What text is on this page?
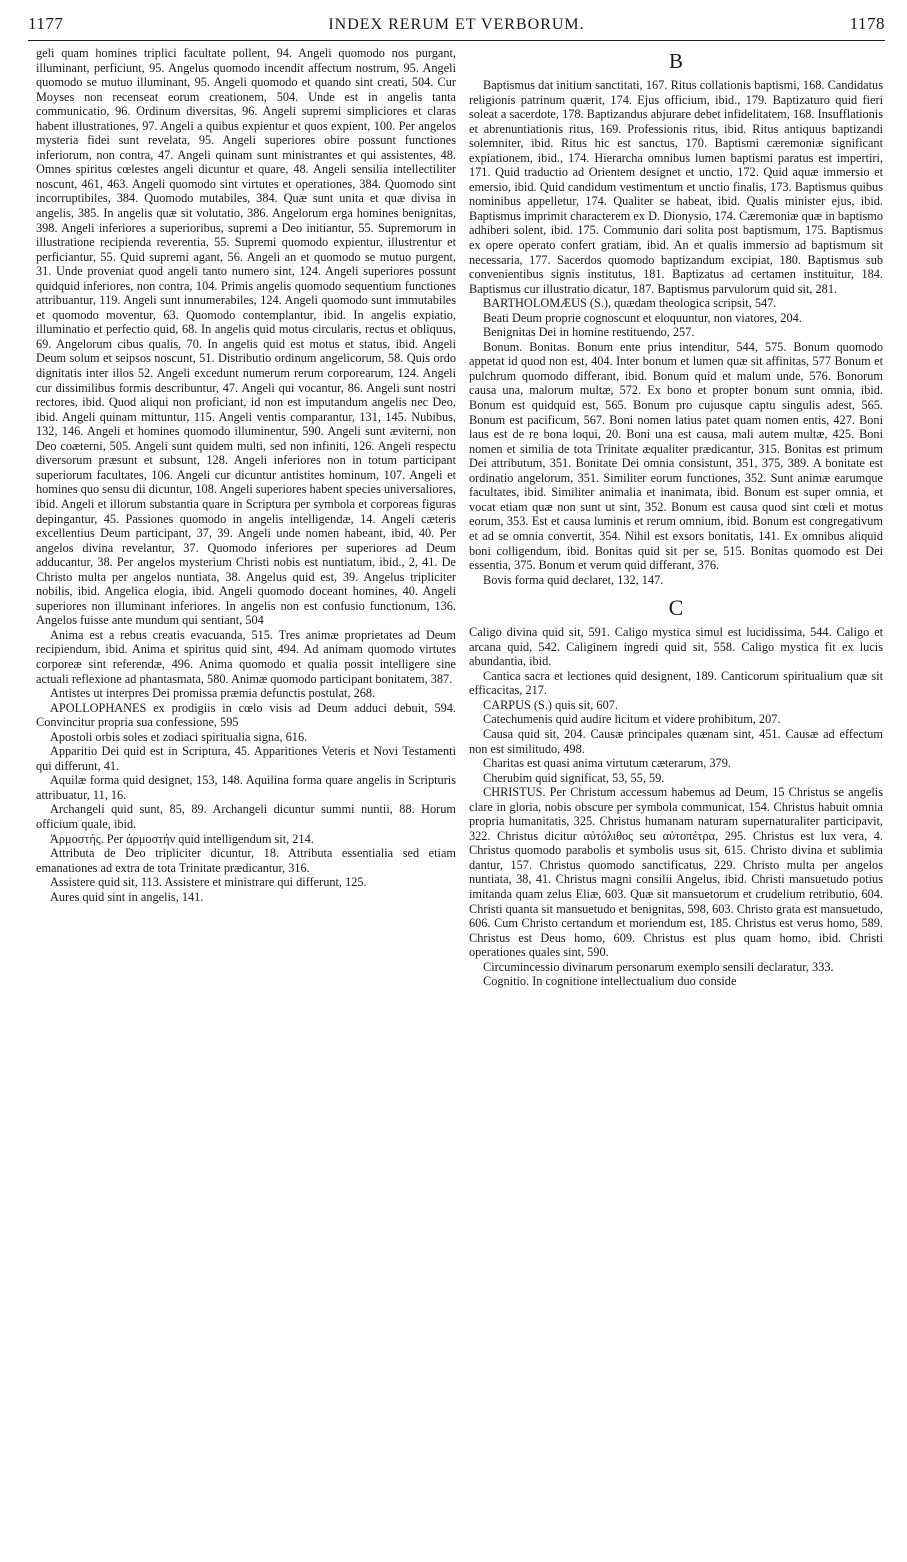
1177	INDEX RERUM ET VERBORUM.	1178

geli quam homines triplici facultate pollent, 94. Angeli quomodo nos purgant, illuminant, perficiunt, 95. Angelus quomodo incendit affectum nostrum, 95. Angeli quomodo se mutuo illuminant, 95. Angeli quomodo et quando sint creati, 504. Cur Moyses non recenseat eorum creationem, 504. Unde est in angelis tanta communicatio, 96. Ordinum diversitas, 96. Angeli supremi simpliciores et claras habent illustrationes, 97. Angeli a quibus expientur et quos expient, 100. Per angelos mysteria fidei sunt revelata, 95. Angeli superiores obire possunt functiones inferiorum, non contra, 47. Angeli quinam sunt ministrantes et qui assistentes, 48. Omnes spiritus cœlestes angeli dicuntur et quare, 48. Angeli sensilia intellectiliter noscunt, 461, 463. Angeli quomodo sint virtutes et operationes, 384. Quomodo sint incorruptibiles, 384. Quomodo mutabiles, 384. Quæ sunt unita et quæ divisa in angelis, 385. In angelis quæ sit volutatio, 386. Angelorum erga homines benignitas, 398. Angeli inferiores a superioribus, supremi a Deo initiantur, 55. Supremorum in illustratione recipienda reverentia, 55. Supremi quomodo expientur, illustrentur et perficiantur, 55. Quid supremi agant, 56. Angeli an et quomodo se mutuo purgent, 31. Unde proveniat quod angeli tanto numero sint, 124. Angeli superiores possunt quidquid inferiores, non contra, 104. Primis angelis quomodo sequentium functiones attribuantur, 119. Angeli sunt innumerabiles, 124. Angeli quomodo sunt immutabiles et quomodo moventur, 63. Quomodo contemplantur, ibid. In angelis expiatio, illuminatio et perfectio quid, 68. In angelis quid motus circularis, rectus et obliquus, 69. Angelorum cibus qualis, 70. In angelis quid est motus et status, ibid. Angeli Deum solum et seipsos noscunt, 51. Distributio ordinum angelicorum, 58. Quis ordo dignitatis inter illos 52. Angeli excedunt numerum rerum corporearum, 124. Angeli cur dissimilibus formis describuntur, 47. Angeli qui vocantur, 86. Angeli sunt nostri rectores, ibid. Quod aliqui non proficiant, id non est imputandum angelis nec Deo, ibid. Angeli quinam mittuntur, 115. Angeli ventis comparantur, 131, 145. Nubibus, 132, 146. Angeli et homines quomodo illuminentur, 590. Angeli sunt æviterni, non Deo coæterni, 505. Angeli sunt quidem multi, sed non infiniti, 126. Angeli respectu diversorum præsunt et subsunt, 128. Angeli inferiores non in totum participant superiorum facultates, 106. Angeli cur dicuntur antistites hominum, 107. Angeli et homines quo sensu dii dicuntur, 108. Angeli superiores habent species universaliores, ibid. Angeli et illorum substantia quare in Scriptura per symbola et corporeas figuras depingantur, 45. Passiones quomodo in angelis intelligendæ, 14. Angeli cæteris excellentius Deum participant, 37, 39. Angeli unde nomen habeant, ibid, 40. Per angelos divina revelantur, 37. Quomodo inferiores per superiores ad Deum adducantur, 38. Per angelos mysterium Christi nobis est nuntiatum, ibid., 2, 41. De Christo multa per angelos nuntiata, 38. Angelus quid est, 39. Angelus tripliciter nobilis, ibid. Angelica elogia, ibid. Angeli quomodo doceant homines, 40. Angeli superiores non illuminant inferiores. In angelis non est confusio functionum, 136. Angelos fuisse ante mundum qui sentiant, 504

Anima est a rebus creatis evacuanda, 515. Tres animæ proprietates ad Deum recipiendum, ibid. Anima et spiritus quid sint, 494. Ad animam quomodo virtutes corporeæ sint referendæ, 496. Anima quomodo et qualia possit intelligere sine actuali reflexione ad phantasmata, 580. Animæ quomodo participant bonitatem, 387.

Antistes ut interpres Dei promissa præmia defunctis postulat, 268.

APOLLOPHANES ex prodigiis in cœlo visis ad Deum adduci debuit, 594. Convincitur propria sua confessione, 595

Apostoli orbis soles et zodiaci spiritualia signa, 616.

Apparitio Dei quid est in Scriptura, 45. Apparitiones Veteris et Novi Testamenti qui differunt, 41.

Aquilæ forma quid designet, 153, 148. Aquilina forma quare angelis in Scripturis attribuatur, 11, 16.

Archangeli quid sunt, 85, 89. Archangeli dicuntur summi nuntii, 88. Horum officium quale, ibid.

Ἁρμοστής. Per ἁρμοστήν quid intelligendum sit, 214.

Attributa de Deo tripliciter dicuntur, 18. Attributa essentialia sed etiam emanationes ad extra de tota Trinitate prædicantur, 316.

Assistere quid sit, 113. Assistere et ministrare qui differunt, 125.

Aures quid sint in angelis, 141.

B

Baptismus dat initium sanctitati, 167. Ritus collationis baptismi, 168. Candidatus religionis patrinum quærit, 174. Ejus officium, ibid., 179. Baptizaturo quid fieri soleat a sacerdote, 178. Baptizandus abjurare debet infidelitatem, 168. Insufflationis et abrenuntiationis ritus, 169. Professionis ritus, ibid. Ritus antiquus baptizandi solemniter, ibid. Ritus hic est sanctus, 170. Baptismi cæremoniæ significant expiationem, ibid., 174. Hierarcha omnibus lumen baptismi paratus est impertiri, 171. Quid traductio ad Orientem designet et unctio, 172. Quid aquæ immersio et emersio, ibid. Quid candidum vestimentum et unctio finalis, 173. Baptismus quibus nominibus appelletur, 174. Qualiter se habeat, ibid. Qualis minister ejus, ibid. Baptismus imprimit characterem ex D. Dionysio, 174. Cæremoniæ quæ in baptismo adhiberi solent, ibid. 175. Communio dari solita post baptismum, 175. Baptismus ex opere operato confert gratiam, ibid. An et qualis immersio ad baptismum sit necessaria, 177. Sacerdos quomodo baptizandum excipiat, 180. Baptismus sub convenientibus signis institutus, 181. Baptizatus ad certamen instituitur, 184. Baptismus cur illustratio dicatur, 187. Baptismus parvulorum quid sit, 281.

BARTHOLOMÆUS (S.), quædam theologica scripsit, 547.

Beati Deum proprie cognoscunt et eloquuntur, non viatores, 204.

Benignitas Dei in homine restituendo, 257.

Bonum. Bonitas. Bonum ente prius intenditur, 544, 575. Bonum quomodo appetat id quod non est, 404. Inter bonum et lumen quæ sit affinitas, 577 Bonum et pulchrum quomodo differant, ibid. Bonum quid et malum unde, 576. Bonorum causa una, malorum multæ, 572. Ex bono et propter bonum sunt omnia, ibid. Bonum est quidquid est, 565. Bonum pro cujusque captu singulis adest, 565. Bonum est pacificum, 567. Boni nomen latius patet quam nomen entis, 427. Boni laus est de re bona loqui, 20. Boni una est causa, mali autem multæ, 425. Boni nomen et similia de tota Trinitate æqualiter prædicantur, 315. Bonitas est primum Dei attributum, 351. Bonitate Dei omnia consistunt, 351, 375, 389. A bonitate est ordinatio angelorum, 351. Similiter eorum functiones, 352. Sunt animæ earumque facultates, ibid. Similiter animalia et inanimata, ibid. Bonum est super omnia, et vocat etiam quæ non sunt ut sint, 352. Bonum est causa quod sint cœli et motus eorum, 353. Est et causa luminis et rerum omnium, ibid. Bonum est congregativum et ad se omnia convertit, 354. Nihil est exsors bonitatis, 141. Ex omnibus aliquid boni colligendum, ibid. Bonitas quid sit per se, 515. Bonitas quomodo est Dei essentia, 375. Bonum et verum quid differant, 376.

Bovis forma quid declaret, 132, 147.

C

Caligo divina quid sit, 591. Caligo mystica simul est lucidissima, 544. Caligo et arcana quid, 542. Caliginem ingredi quid sit, 558. Caligo mystica fit ex lucis abundantia, ibid.

Cantica sacra et lectiones quid designent, 189. Canticorum spiritualium quæ sit efficacitas, 217.

CARPUS (S.) quis sit, 607.

Catechumenis quid audire licitum et videre prohibitum, 207.

Causa quid sit, 204. Causæ principales quænam sint, 451. Causæ ad effectum non est similitudo, 498.

Charitas est quasi anima virtutum cæterarum, 379.

Cherubim quid significat, 53, 55, 59.

CHRISTUS. Per Christum accessum habemus ad Deum, 15 Christus se angelis clare in gloria, nobis obscure per symbola communicat, 154. Christus habuit omnia propria humanitatis, 325. Christus humanam naturam supernaturaliter participavit, 322. Christus dicitur αὐτόλιθος seu αὐτοπέτρα, 295. Christus est lux vera, 4. Christus quomodo parabolis et symbolis usus sit, 615. Christo divina et sublimia dantur, 157. Christus quomodo sanctificatus, 229. Christo multa per angelos nuntiata, 38, 41. Christus magni consilii Angelus, ibid. Christi mansuetudo potius imitanda quam zelus Eliæ, 603. Quæ sit mansuetorum et crudelium retributio, 604. Christi quanta sit mansuetudo et benignitas, 598, 603. Christo grata est mansuetudo, 606. Cum Christo certandum et moriendum est, 185. Christus est verus homo, 589. Christus est Deus homo, 609. Christus est plus quam homo, ibid. Christi operationes quales sint, 590.

Circumincessio divinarum personarum exemplo sensili declaratur, 333.

Cognitio. In cognitione intellectualium duo conside
